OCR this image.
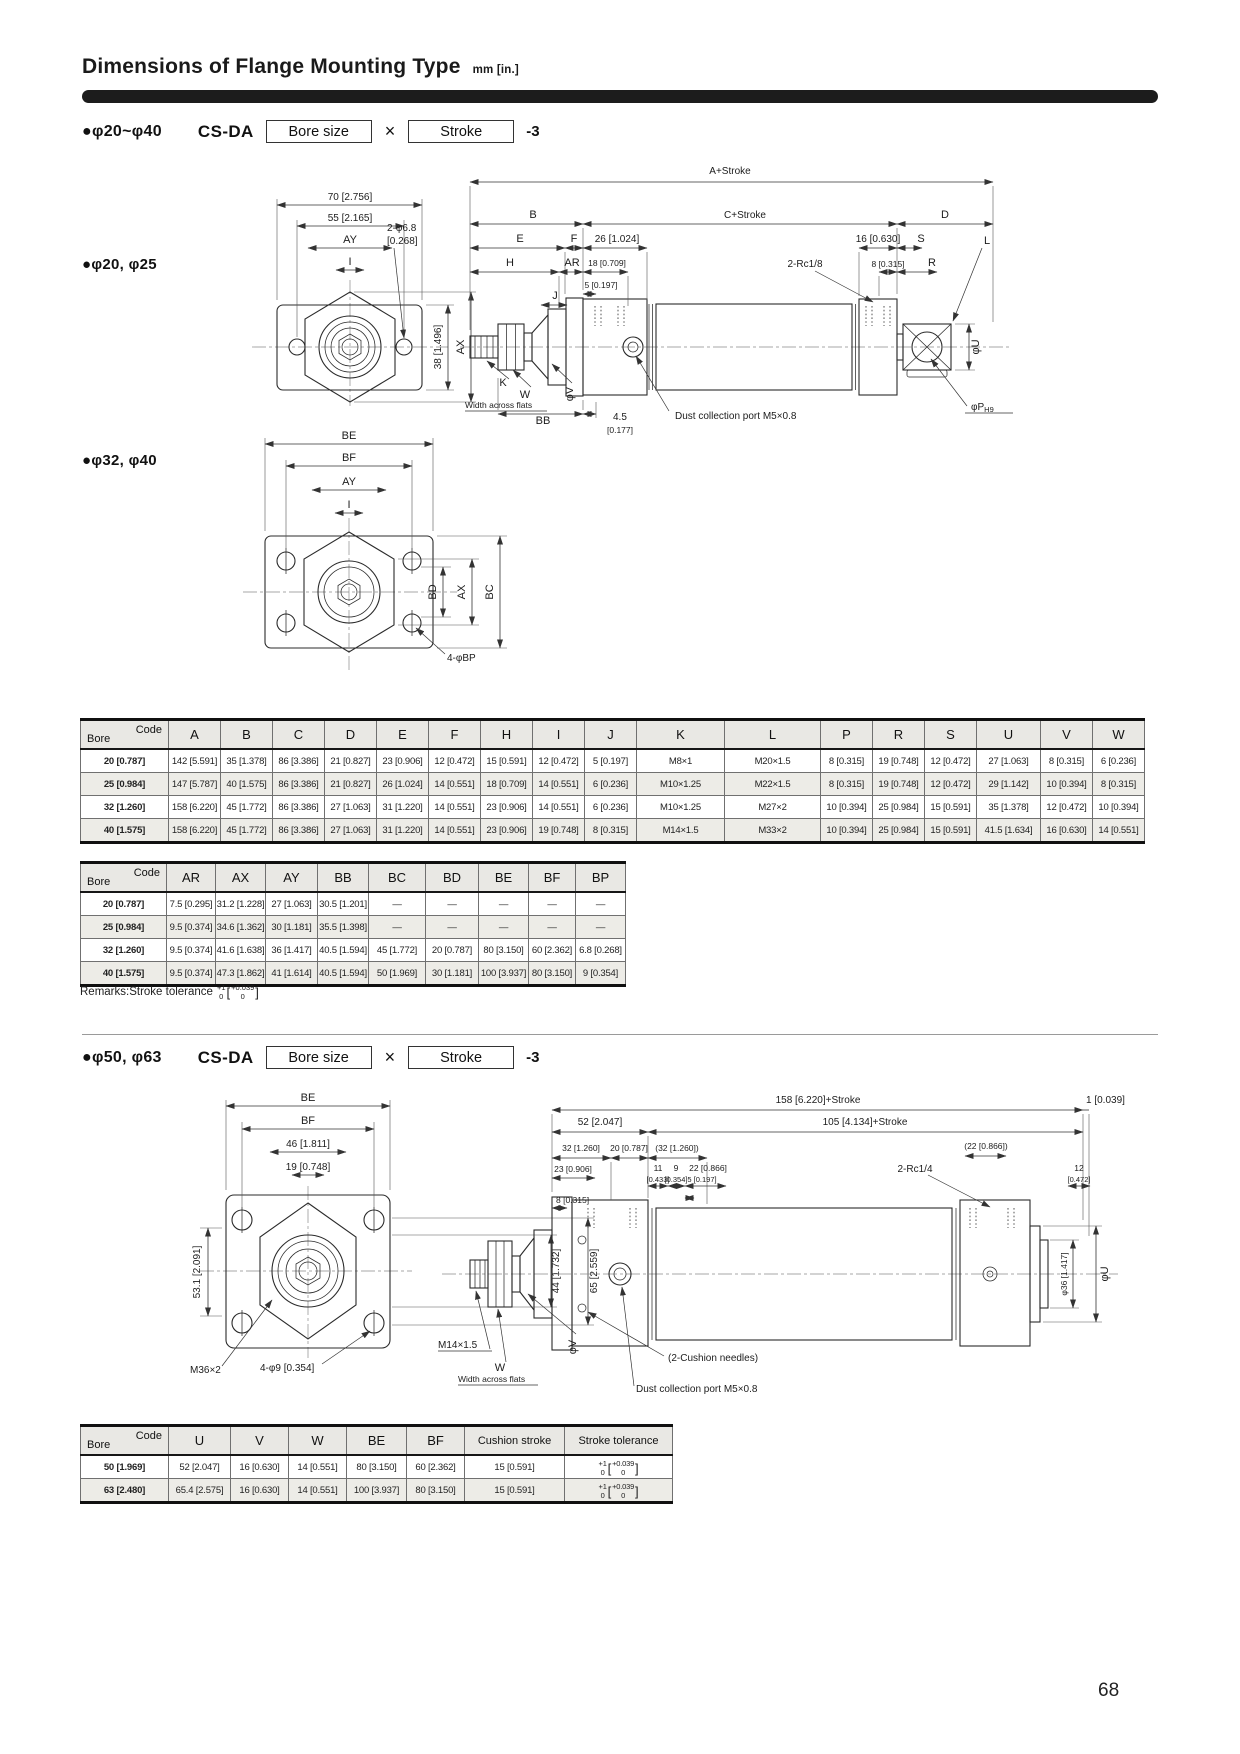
Dimensions of Flange Mounting Type mm [in.]
●φ20~φ40 CS-DA	Bore size	×	Stroke	-3
●φ20, φ25
●φ32, φ40
70 [2.756]
55 [2.165]
AY
I
2-φ6.8
[0.268]
38 [1.496] AX
A+Stroke
B	C+Stroke	D
E	F 26 [1.024]	16 [0.630] S
H	AR 18 [0.709]	8 [0.315] R
L
2-Rc1/8
5 [0.197]
J
K
W
Width across flats
φV
BB	4.5
[0.177]
Dust collection port M5×0.8
φU
$\varphi P_{H9}$
BE
BF
AY
I
BD AX BC
4-φBP
Code
Bore	A	B	C	D	E	F	H	I	J	K	L	P	R	S	U	V	W
20 [0.787]	142 [5.591]	35 [1.378]	86 [3.386]	21 [0.827]	23 [0.906]	12 [0.472]	15 [0.591]	12 [0.472]	5 [0.197]	M8×1	M20×1.5	8 [0.315]	19 [0.748]	12 [0.472]	27 [1.063]	8 [0.315]	6 [0.236]
25 [0.984]	147 [5.787]	40 [1.575]	86 [3.386]	21 [0.827]	26 [1.024]	14 [0.551]	18 [0.709]	14 [0.551]	6 [0.236]	M10×1.25	M22×1.5	8 [0.315]	19 [0.748]	12 [0.472]	29 [1.142]	10 [0.394]	8 [0.315]
32 [1.260]	158 [6.220]	45 [1.772]	86 [3.386]	27 [1.063]	31 [1.220]	14 [0.551]	23 [0.906]	14 [0.551]	6 [0.236]	M10×1.25	M27×2	10 [0.394]	25 [0.984]	15 [0.591]	35 [1.378]	12 [0.472]	10 [0.394]
40 [1.575]	158 [6.220]	45 [1.772]	86 [3.386]	27 [1.063]	31 [1.220]	14 [0.551]	23 [0.906]	19 [0.748]	8 [0.315]	M14×1.5	M33×2	10 [0.394]	25 [0.984]	15 [0.591]	41.5 [1.634]	16 [0.630]	14 [0.551]
Code
Bore	AR	AX	AY	BB	BC	BD	BE	BF	BP
20 [0.787]	7.5 [0.295]	31.2 [1.228]	27 [1.063]	30.5 [1.201]	—	—	—	—	—
25 [0.984]	9.5 [0.374]	34.6 [1.362]	30 [1.181]	35.5 [1.398]	—	—	—	—	—
32 [1.260]	9.5 [0.374]	41.6 [1.638]	36 [1.417]	40.5 [1.594]	45 [1.772]	20 [0.787]	80 [3.150]	60 [2.362]	6.8 [0.268]
40 [1.575]	9.5 [0.374]	47.3 [1.862]	41 [1.614]	40.5 [1.594]	50 [1.969]	30 [1.181]	100 [3.937]	80 [3.150]	9 [0.354]
Remarks:Stroke tolerance +1
0 [ +0.039
0 ]
●φ50, φ63 CS-DA	Bore size	×	Stroke	-3
BE
BF
46 [1.811]
19 [0.748]
53.1 [2.091]	44 [1.732]	65 [2.559]
M36×2	4-φ9 [0.354]
158 [6.220]+Stroke	1 [0.039]
52 [2.047]	105 [4.134]+Stroke
32 [1.260] 20 [0.787] (32 [1.260])	(22 [0.866])
23 [0.906]	11
[0.433]
9
[0.354]
22 [0.866]
5 [0.197]
2-Rc1/4	12
[0.472]
8 [0.315]
M14×1.5
W
Width across flats
φV
(2-Cushion needles)
Dust collection port M5×0.8
φ36 [1.417]	φU
Code
Bore	U	V	W	BE	BF	Cushion stroke	Stroke tolerance
50 [1.969]	52 [2.047]	16 [0.630]	14 [0.551]	80 [3.150]	60 [2.362]	15 [0.591]	+1
0 [ +0.039
0 ]

63 [2.480]	65.4 [2.575]	16 [0.630]	14 [0.551]	100 [3.937]	80 [3.150]	15 [0.591]	+1
0 [ +0.039
0 ]
68
